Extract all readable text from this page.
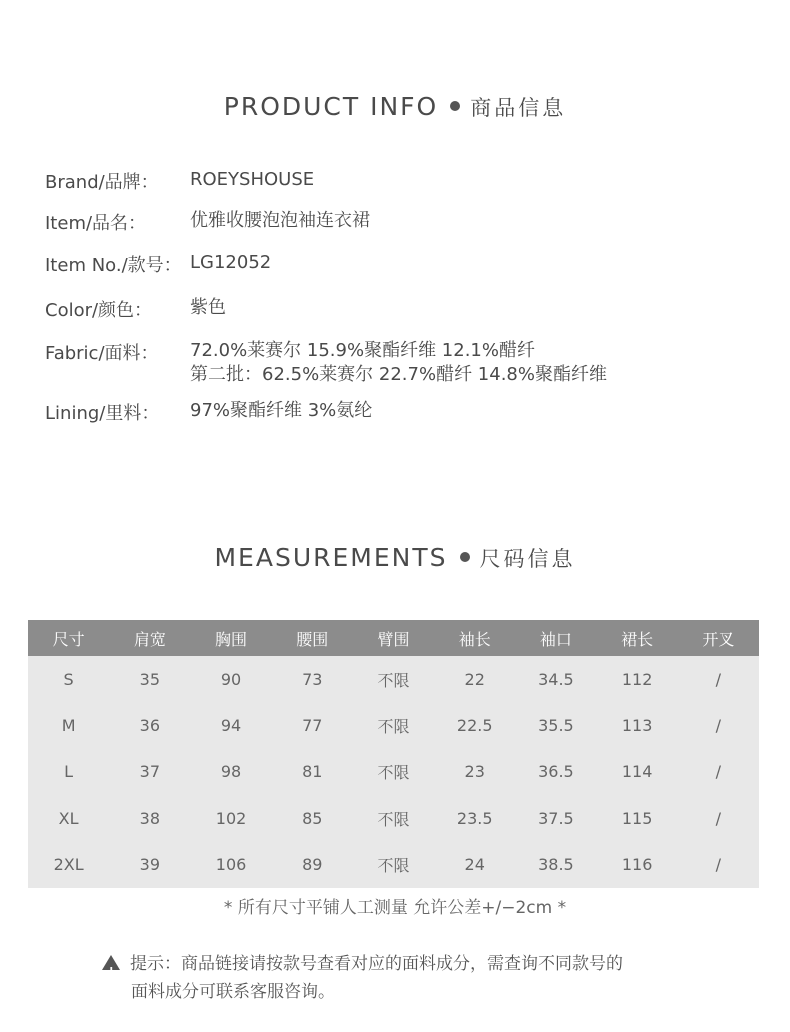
PRODUCT INFO 商品信息
Brand/品牌： ROEYSHOUSE
Item/品名： 优雅收腰泡泡袖连衣裙
Item No./款号： LG12052
Color/颜色： 紫色
Fabric/面料： 72.0%莱赛尔 15.9%聚酯纤维 12.1%醋纤
第二批：62.5%莱赛尔 22.7%醋纤 14.8%聚酯纤维
Lining/里料： 97%聚酯纤维 3%氨纶
MEASUREMENTS 尺码信息
尺寸	肩宽	胸围	腰围	臂围	袖长	袖口	裙长	开叉
S	35	90	73	不限	22	34.5	112	/
M	36	94	77	不限	22.5	35.5	113	/
L	37	98	81	不限	23	36.5	114	/
XL	38	102	85	不限	23.5	37.5	115	/
2XL	39	106	89	不限	24	38.5	116	/
* 所有尺寸平铺人工测量 允许公差+/−2cm *
!提示：商品链接请按款号查看对应的面料成分，需查询不同款号的
面料成分可联系客服咨询。
